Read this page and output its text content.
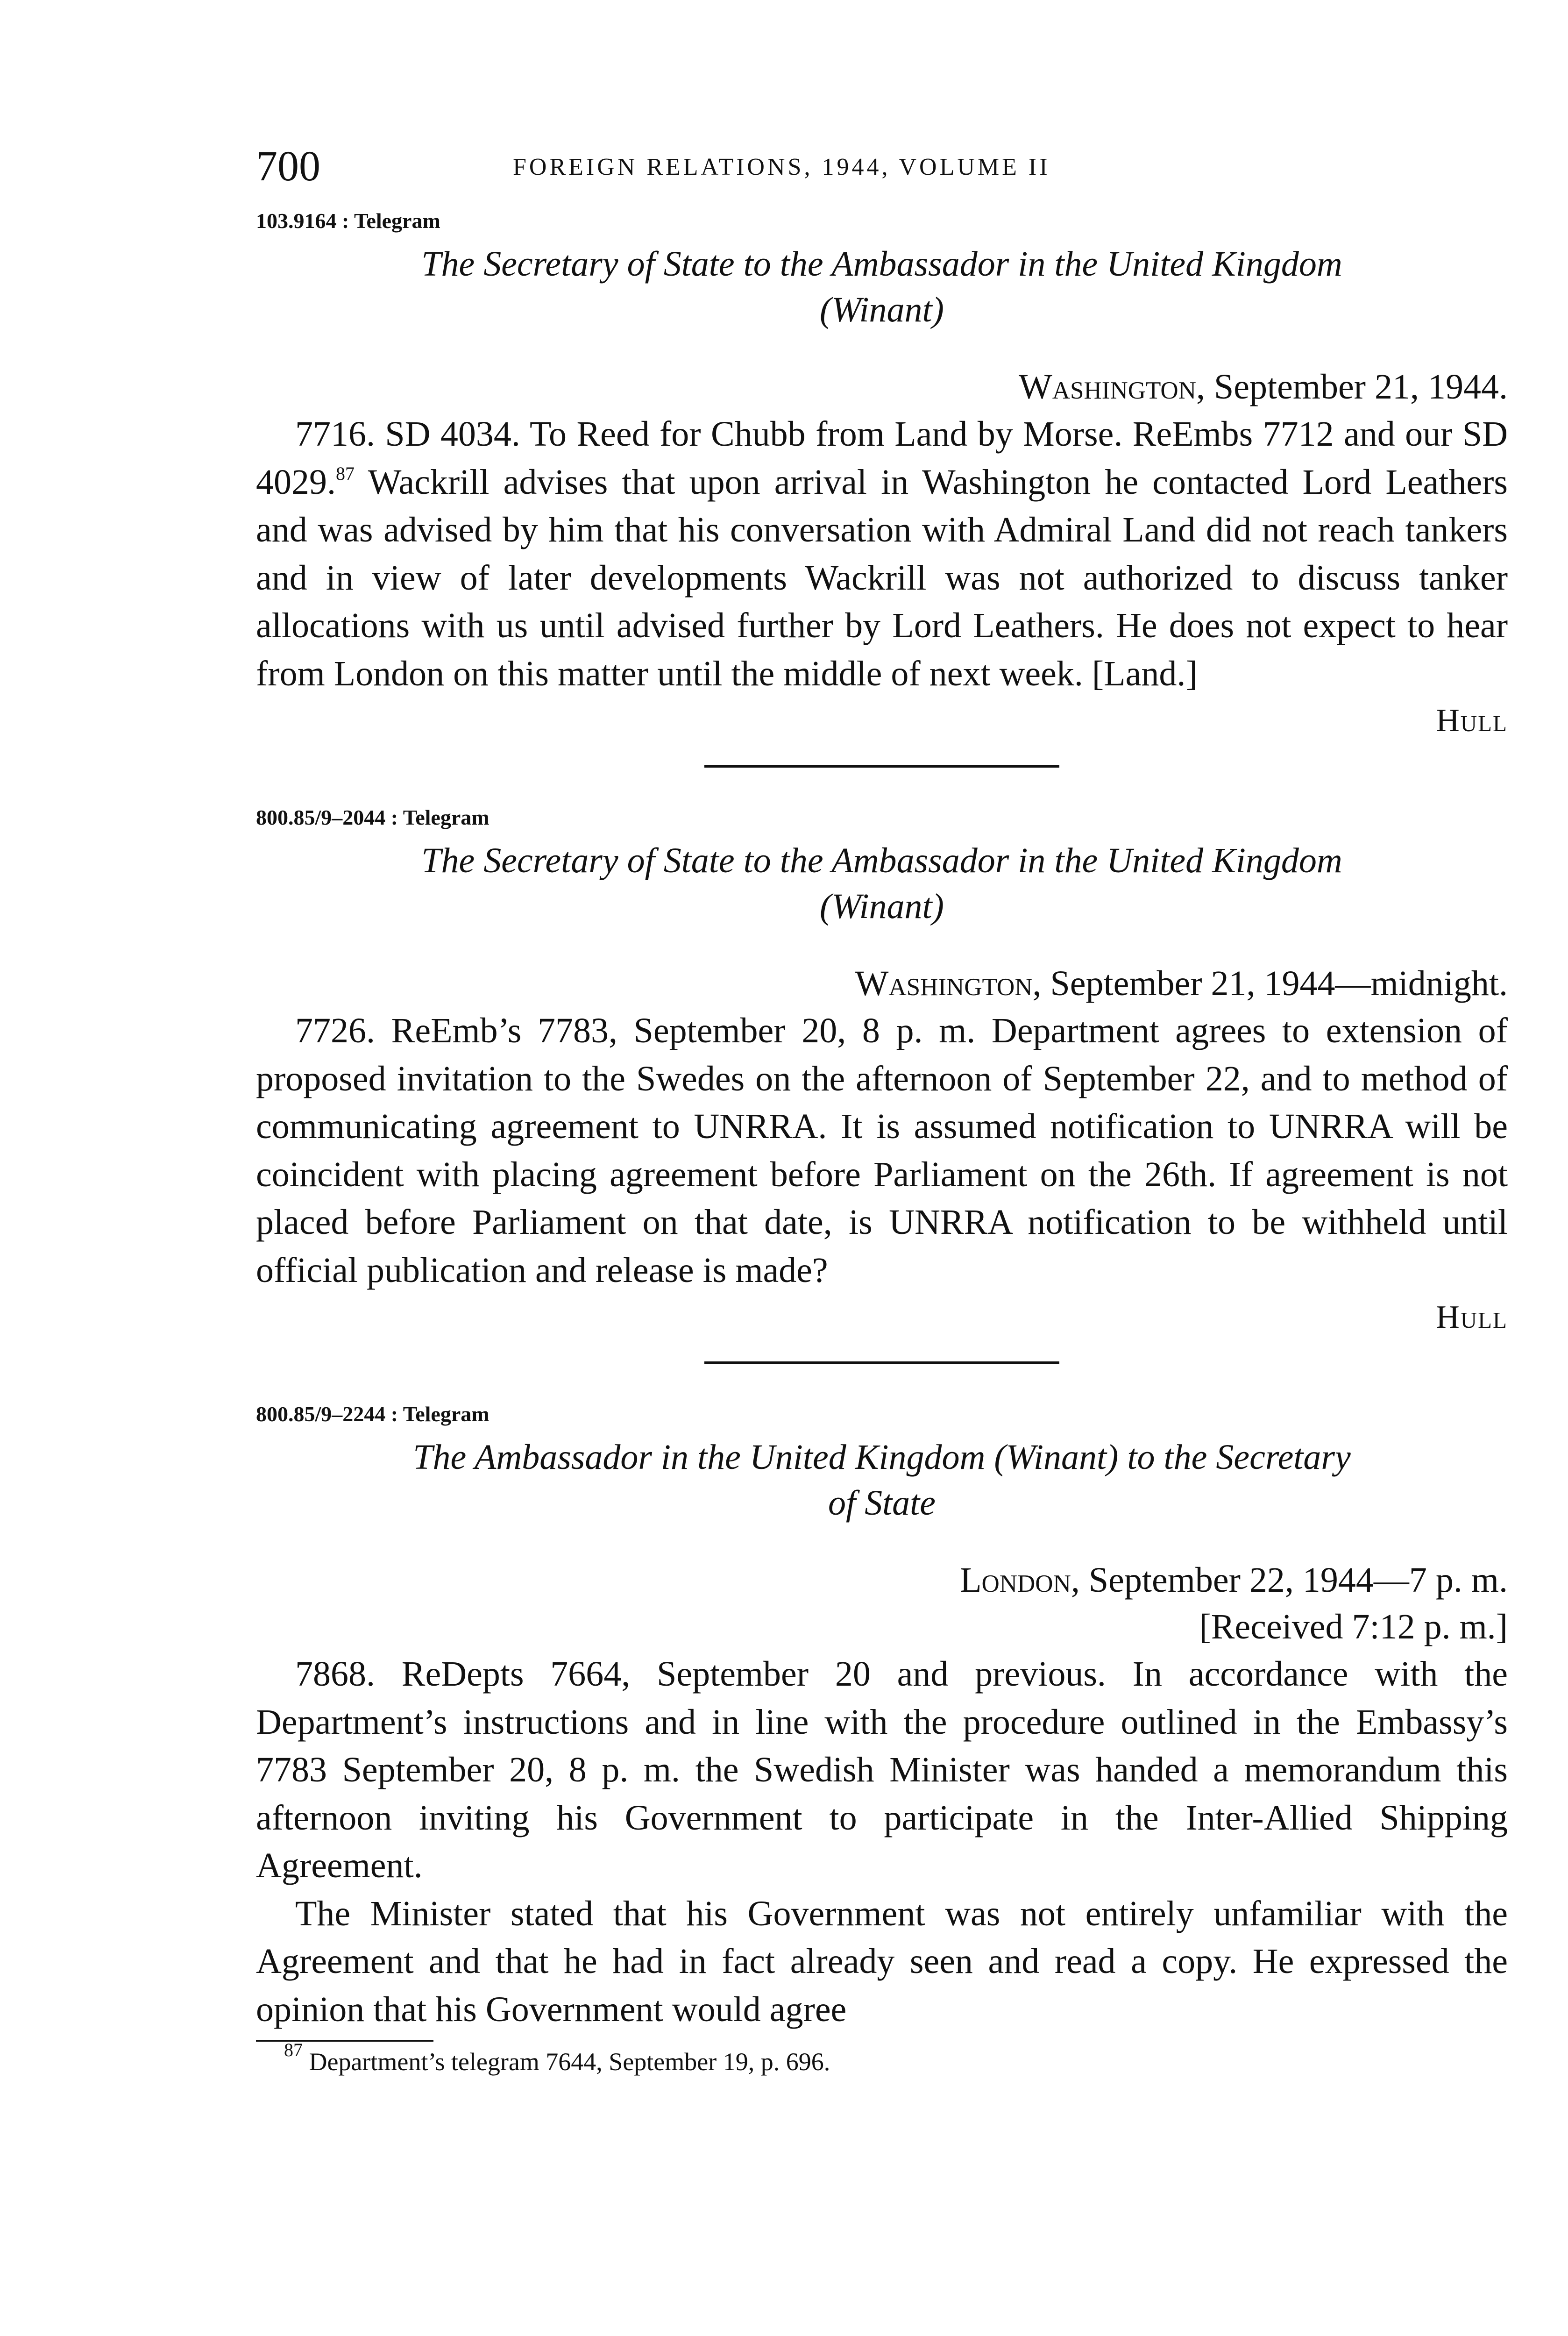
700	FOREIGN RELATIONS, 1944, VOLUME II
103.9164 : Telegram
The Secretary of State to the Ambassador in the United Kingdom
(Winant)
Washington, September 21, 1944.

7716. SD 4034. To Reed for Chubb from Land by Morse. ReEmbs 7712 and our SD 4029.87 Wackrill advises that upon arrival in Washington he contacted Lord Leathers and was advised by him that his conversation with Admiral Land did not reach tankers and in view of later developments Wackrill was not authorized to discuss tanker allocations with us until advised further by Lord Leathers. He does not expect to hear from London on this matter until the middle of next week. [Land.]

Hull
800.85/9–2044 : Telegram
The Secretary of State to the Ambassador in the United Kingdom
(Winant)
Washington, September 21, 1944—midnight.

7726. ReEmb’s 7783, September 20, 8 p. m. Department agrees to extension of proposed invitation to the Swedes on the afternoon of September 22, and to method of communicating agreement to UNRRA. It is assumed notification to UNRRA will be coincident with placing agreement before Parliament on the 26th. If agreement is not placed before Parliament on that date, is UNRRA notification to be withheld until official publication and release is made?

Hull
800.85/9–2244 : Telegram
The Ambassador in the United Kingdom (Winant) to the Secretary
of State
London, September 22, 1944—7 p. m.
[Received 7:12 p. m.]

7868. ReDepts 7664, September 20 and previous. In accordance with the Department’s instructions and in line with the procedure outlined in the Embassy’s 7783 September 20, 8 p. m. the Swedish Minister was handed a memorandum this afternoon inviting his Government to participate in the Inter-Allied Shipping Agreement.

The Minister stated that his Government was not entirely unfamiliar with the Agreement and that he had in fact already seen and read a copy. He expressed the opinion that his Government would agree

$^{87}$ Department’s telegram 7644, September 19, p. 696.
